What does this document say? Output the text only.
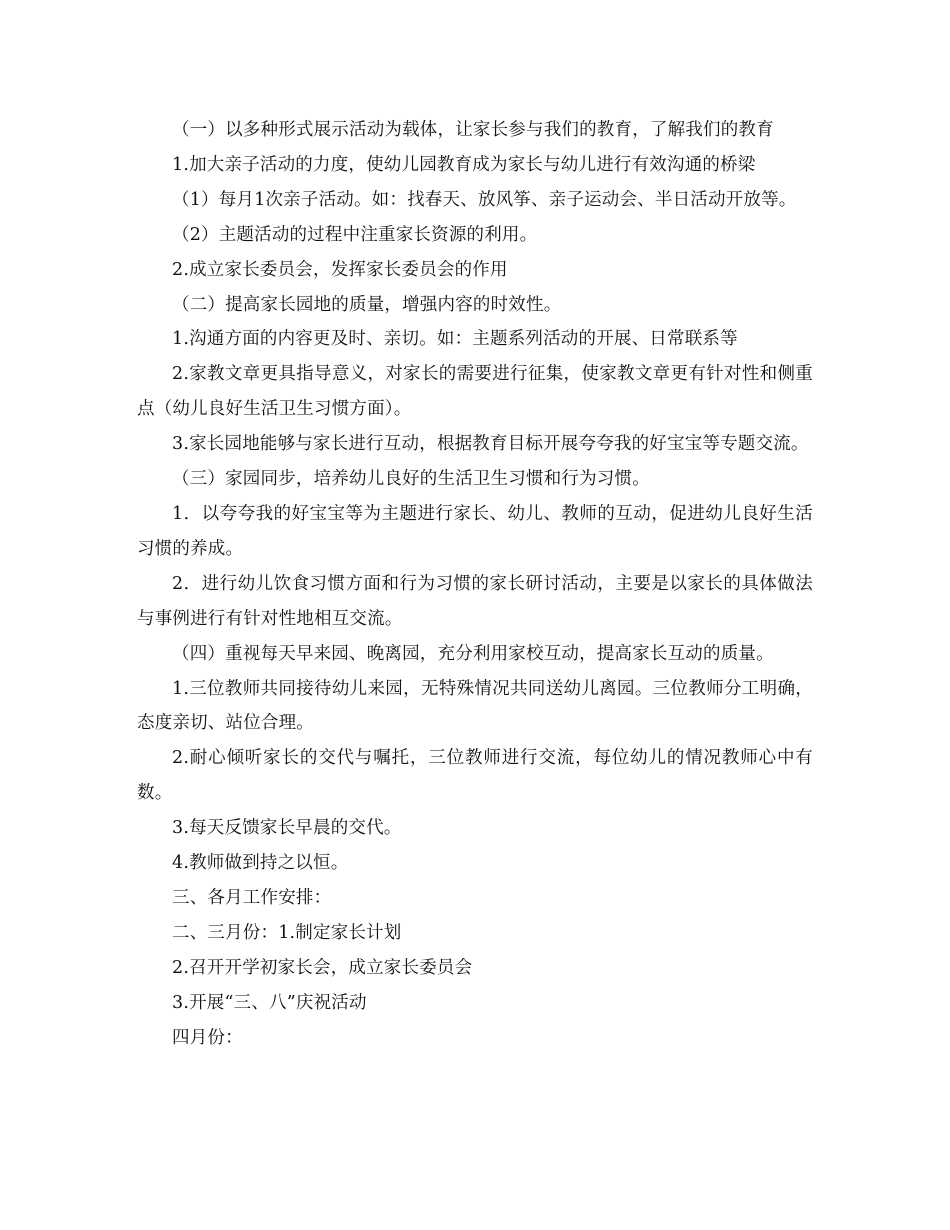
（一）以多种形式展示活动为载体，让家长参与我们的教育，了解我们的教育

1.加大亲子活动的力度，使幼儿园教育成为家长与幼儿进行有效沟通的桥梁

（1）每月1次亲子活动。如：找春天、放风筝、亲子运动会、半日活动开放等。

（2）主题活动的过程中注重家长资源的利用。

2.成立家长委员会，发挥家长委员会的作用

（二）提高家长园地的质量，增强内容的时效性。

1.沟通方面的内容更及时、亲切。如：主题系列活动的开展、日常联系等

2.家教文章更具指导意义，对家长的需要进行征集，使家教文章更有针对性和侧重点（幼儿良好生活卫生习惯方面）。

3.家长园地能够与家长进行互动，根据教育目标开展夸夸我的好宝宝等专题交流。

（三）家园同步，培养幼儿良好的生活卫生习惯和行为习惯。

1．以夸夸我的好宝宝等为主题进行家长、幼儿、教师的互动，促进幼儿良好生活习惯的养成。

2．进行幼儿饮食习惯方面和行为习惯的家长研讨活动，主要是以家长的具体做法与事例进行有针对性地相互交流。

（四）重视每天早来园、晚离园，充分利用家校互动，提高家长互动的质量。

1.三位教师共同接待幼儿来园，无特殊情况共同送幼儿离园。三位教师分工明确，态度亲切、站位合理。

2.耐心倾听家长的交代与嘱托，三位教师进行交流，每位幼儿的情况教师心中有数。

3.每天反馈家长早晨的交代。

4.教师做到持之以恒。

三、各月工作安排：

二、三月份：1.制定家长计划

2.召开开学初家长会，成立家长委员会

3.开展“三、八”庆祝活动

四月份：
